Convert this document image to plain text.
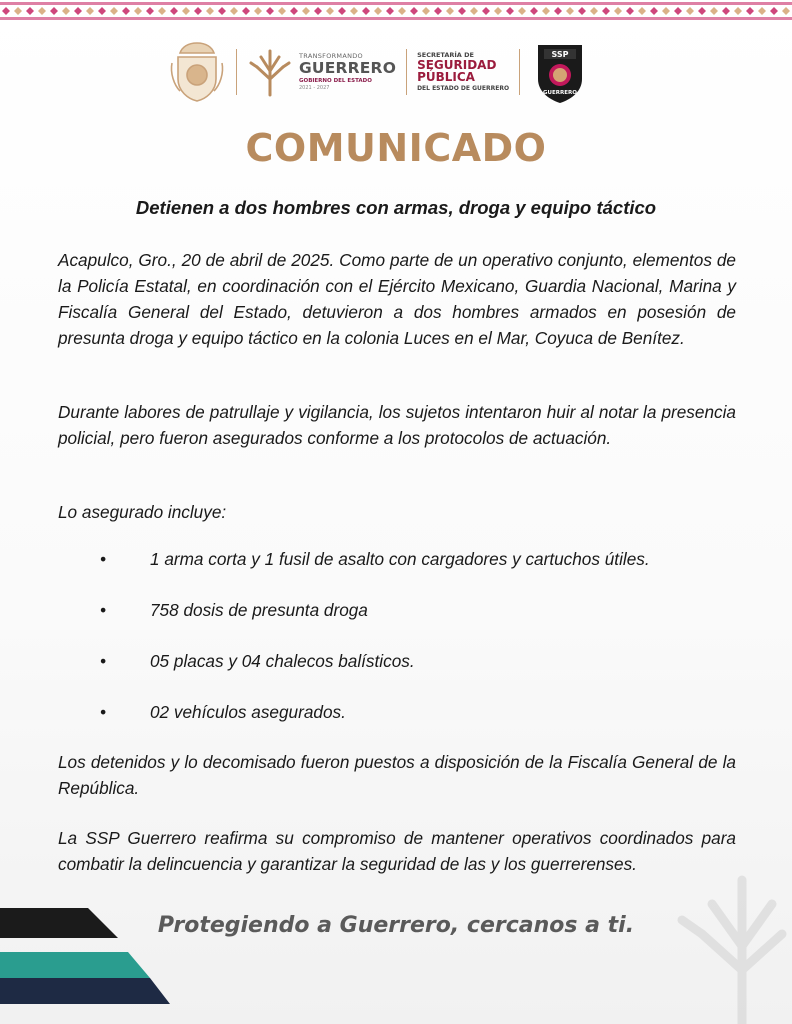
TRANSFORMANDO
GUERRERO
GOBIERNO DEL ESTADO
2021 - 2027
SECRETARÍA DE
SEGURIDAD
PÚBLICA
DEL ESTADO DE GUERRERO
SSP
GUERRERO
COMUNICADO
Detienen a dos hombres con armas, droga y equipo táctico

Acapulco, Gro., 20 de abril de 2025. Como parte de un operativo conjunto, elementos de la Policía Estatal, en coordinación con el Ejército Mexicano, Guardia Nacional, Marina y Fiscalía General del Estado, detuvieron a dos hombres armados en posesión de presunta droga y equipo táctico en la colonia Luces en el Mar, Coyuca de Benítez.

Durante labores de patrullaje y vigilancia, los sujetos intentaron huir al notar la presencia policial, pero fueron asegurados conforme a los protocolos de actuación.

Lo asegurado incluye:

•	1 arma corta y 1 fusil de asalto con cargadores y cartuchos útiles.
•	758 dosis de presunta droga
•	05 placas y 04 chalecos balísticos.
•	02 vehículos asegurados.

Los detenidos y lo decomisado fueron puestos a disposición de la Fiscalía General de la República.

La SSP Guerrero reafirma su compromiso de mantener operativos coordinados para combatir la delincuencia y garantizar la seguridad de las y los guerrerenses.

Protegiendo a Guerrero, cercanos a ti.
